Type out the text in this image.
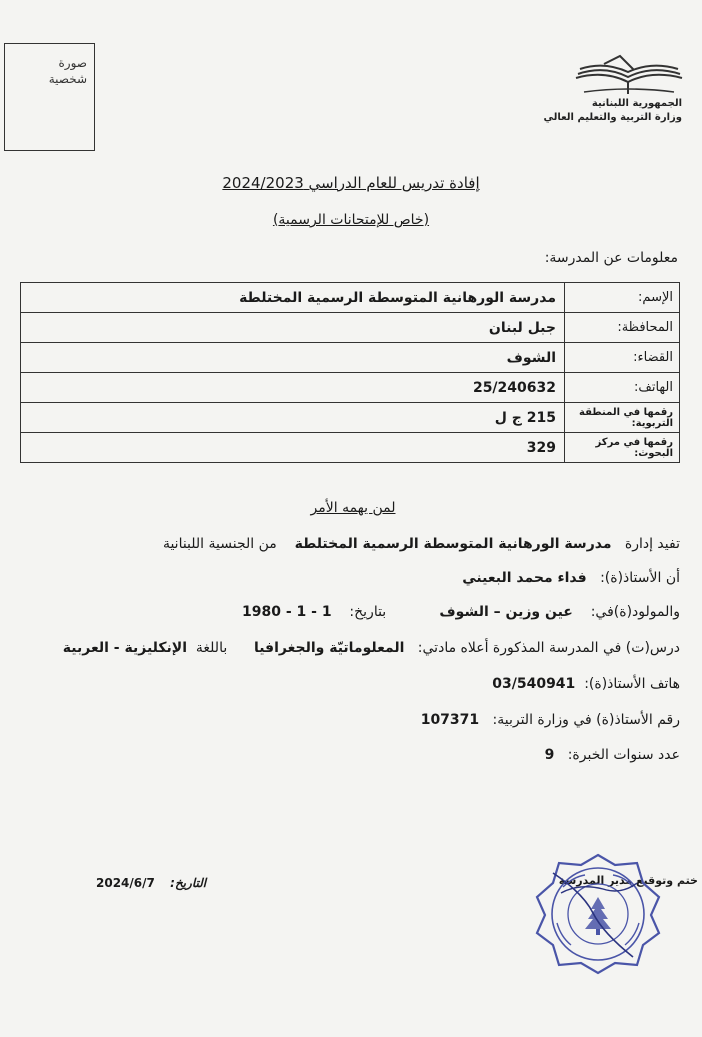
صورة
شخصية
الجمهورية اللبنانية
وزارة التربية والتعليم العالي
إفادة تدريس للعام الدراسي 2024/2023
(خاص للإمتحانات الرسمية)
معلومات عن المدرسة:
الإسم:	مدرسة الورهانية المتوسطة الرسمية المختلطة
المحافظة:	جبل لبنان
القضاء:	الشوف
الهاتف:	25/240632
رقمها في المنطقة التربوية:	215 ج ل
رقمها في مركز البحوث:	329
لمن يهمه الأمر
تفيد إدارة   مدرسة الورهانية المتوسطة الرسمية المختلطة    من الجنسية اللبنانية
أن الأستاذ(ة):   فداء محمد البعيني
والمولود(ة)في:    عين وزين – الشوف
بتاريخ:    1 - 1 - 1980
درس(ت) في المدرسة المذكورة أعلاه مادتي:   المعلوماتيّة والجغرافيا      باللغة  الإنكليزية - العربية
هاتف الأستاذ(ة):  03/540941
رقم الأستاذ(ة) في وزارة التربية:   107371
عدد سنوات الخبرة:   9
ختم وتوقيع مدير المدرسة
التاريخ:    2024/6/7
